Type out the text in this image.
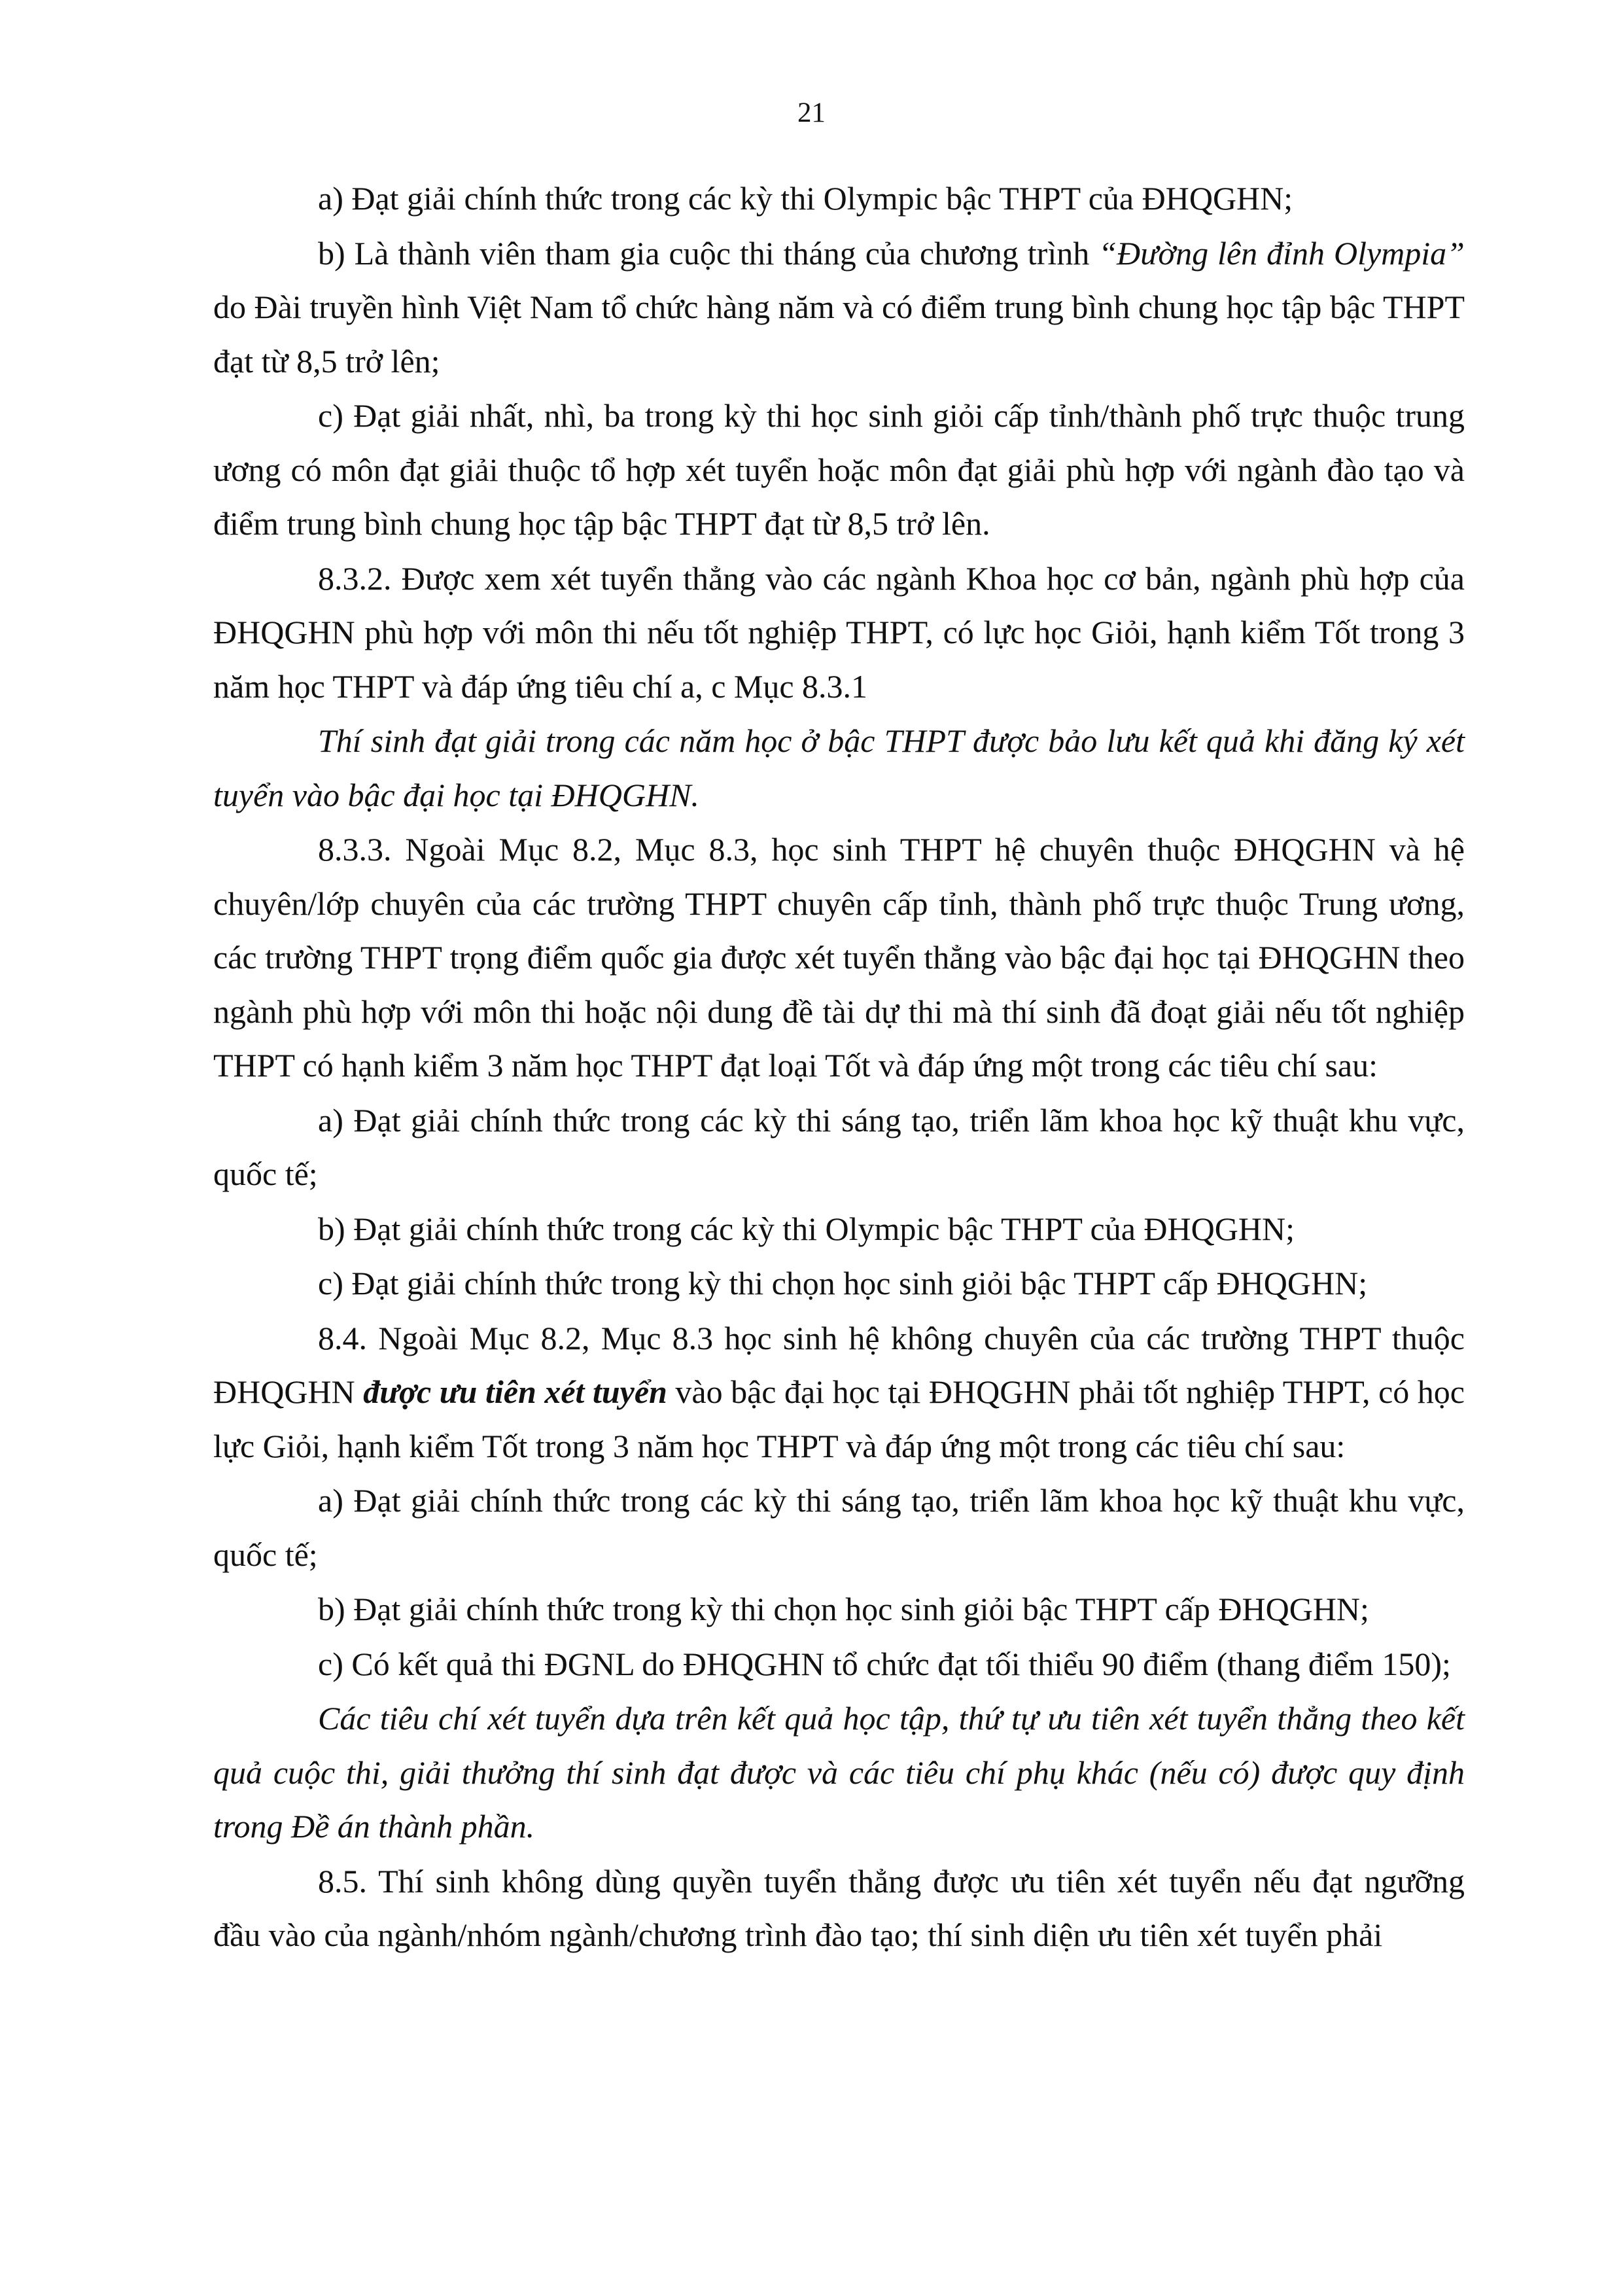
21

a) Đạt giải chính thức trong các kỳ thi Olympic bậc THPT của ĐHQGHN;

b) Là thành viên tham gia cuộc thi tháng của chương trình “Đường lên đỉnh Olympia” do Đài truyền hình Việt Nam tổ chức hàng năm và có điểm trung bình chung học tập bậc THPT đạt từ 8,5 trở lên;

c) Đạt giải nhất, nhì, ba trong kỳ thi học sinh giỏi cấp tỉnh/thành phố trực thuộc trung ương có môn đạt giải thuộc tổ hợp xét tuyển hoặc môn đạt giải phù hợp với ngành đào tạo và điểm trung bình chung học tập bậc THPT đạt từ 8,5 trở lên.

8.3.2. Được xem xét tuyển thẳng vào các ngành Khoa học cơ bản, ngành phù hợp của ĐHQGHN phù hợp với môn thi nếu tốt nghiệp THPT, có lực học Giỏi, hạnh kiểm Tốt trong 3 năm học THPT và đáp ứng tiêu chí a, c Mục 8.3.1

Thí sinh đạt giải trong các năm học ở bậc THPT được bảo lưu kết quả khi đăng ký xét tuyển vào bậc đại học tại ĐHQGHN.

8.3.3. Ngoài Mục 8.2, Mục 8.3, học sinh THPT hệ chuyên thuộc ĐHQGHN và hệ chuyên/lớp chuyên của các trường THPT chuyên cấp tỉnh, thành phố trực thuộc Trung ương, các trường THPT trọng điểm quốc gia được xét tuyển thẳng vào bậc đại học tại ĐHQGHN theo ngành phù hợp với môn thi hoặc nội dung đề tài dự thi mà thí sinh đã đoạt giải nếu tốt nghiệp THPT có hạnh kiểm 3 năm học THPT đạt loại Tốt và đáp ứng một trong các tiêu chí sau:

a) Đạt giải chính thức trong các kỳ thi sáng tạo, triển lãm khoa học kỹ thuật khu vực, quốc tế;

b) Đạt giải chính thức trong các kỳ thi Olympic bậc THPT của ĐHQGHN;

c) Đạt giải chính thức trong kỳ thi chọn học sinh giỏi bậc THPT cấp ĐHQGHN;

8.4. Ngoài Mục 8.2, Mục 8.3 học sinh hệ không chuyên của các trường THPT thuộc ĐHQGHN được ưu tiên xét tuyển vào bậc đại học tại ĐHQGHN phải tốt nghiệp THPT, có học lực Giỏi, hạnh kiểm Tốt trong 3 năm học THPT và đáp ứng một trong các tiêu chí sau:

a) Đạt giải chính thức trong các kỳ thi sáng tạo, triển lãm khoa học kỹ thuật khu vực, quốc tế;

b) Đạt giải chính thức trong kỳ thi chọn học sinh giỏi bậc THPT cấp ĐHQGHN;

c) Có kết quả thi ĐGNL do ĐHQGHN tổ chức đạt tối thiểu 90 điểm (thang điểm 150);

Các tiêu chí xét tuyển dựa trên kết quả học tập, thứ tự ưu tiên xét tuyển thẳng theo kết quả cuộc thi, giải thưởng thí sinh đạt được và các tiêu chí phụ khác (nếu có) được quy định trong Đề án thành phần.

8.5. Thí sinh không dùng quyền tuyển thẳng được ưu tiên xét tuyển nếu đạt ngưỡng đầu vào của ngành/nhóm ngành/chương trình đào tạo; thí sinh diện ưu tiên xét tuyển phải
